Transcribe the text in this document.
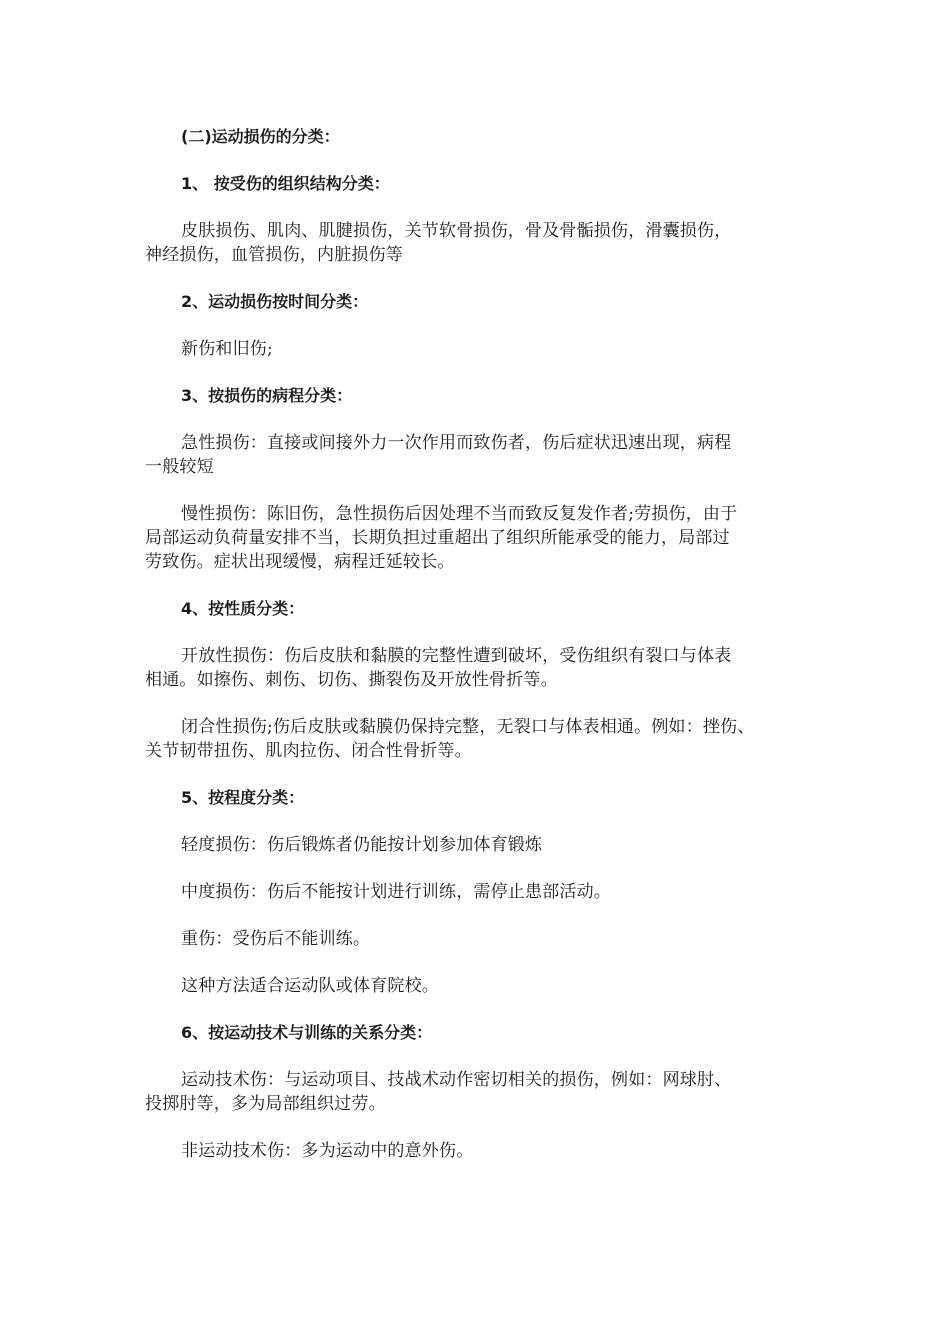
(二)运动损伤的分类：
1、 按受伤的组织结构分类：
皮肤损伤、肌肉、肌腱损伤，关节软骨损伤，骨及骨骺损伤，滑囊损伤，
神经损伤，血管损伤，内脏损伤等
2、运动损伤按时间分类：
新伤和旧伤;
3、按损伤的病程分类：
急性损伤：直接或间接外力一次作用而致伤者，伤后症状迅速出现，病程
一般较短
慢性损伤：陈旧伤，急性损伤后因处理不当而致反复发作者;劳损伤，由于
局部运动负荷量安排不当，长期负担过重超出了组织所能承受的能力，局部过
劳致伤。症状出现缓慢，病程迁延较长。
4、按性质分类：
开放性损伤：伤后皮肤和黏膜的完整性遭到破坏，受伤组织有裂口与体表
相通。如擦伤、刺伤、切伤、撕裂伤及开放性骨折等。
闭合性损伤;伤后皮肤或黏膜仍保持完整，无裂口与体表相通。例如：挫伤、
关节韧带扭伤、肌肉拉伤、闭合性骨折等。
5、按程度分类：
轻度损伤：伤后锻炼者仍能按计划参加体育锻炼
中度损伤：伤后不能按计划进行训练，需停止患部活动。
重伤：受伤后不能训练。
这种方法适合运动队或体育院校。
6、按运动技术与训练的关系分类：
运动技术伤：与运动项目、技战术动作密切相关的损伤，例如：网球肘、
投掷肘等，多为局部组织过劳。
非运动技术伤：多为运动中的意外伤。
